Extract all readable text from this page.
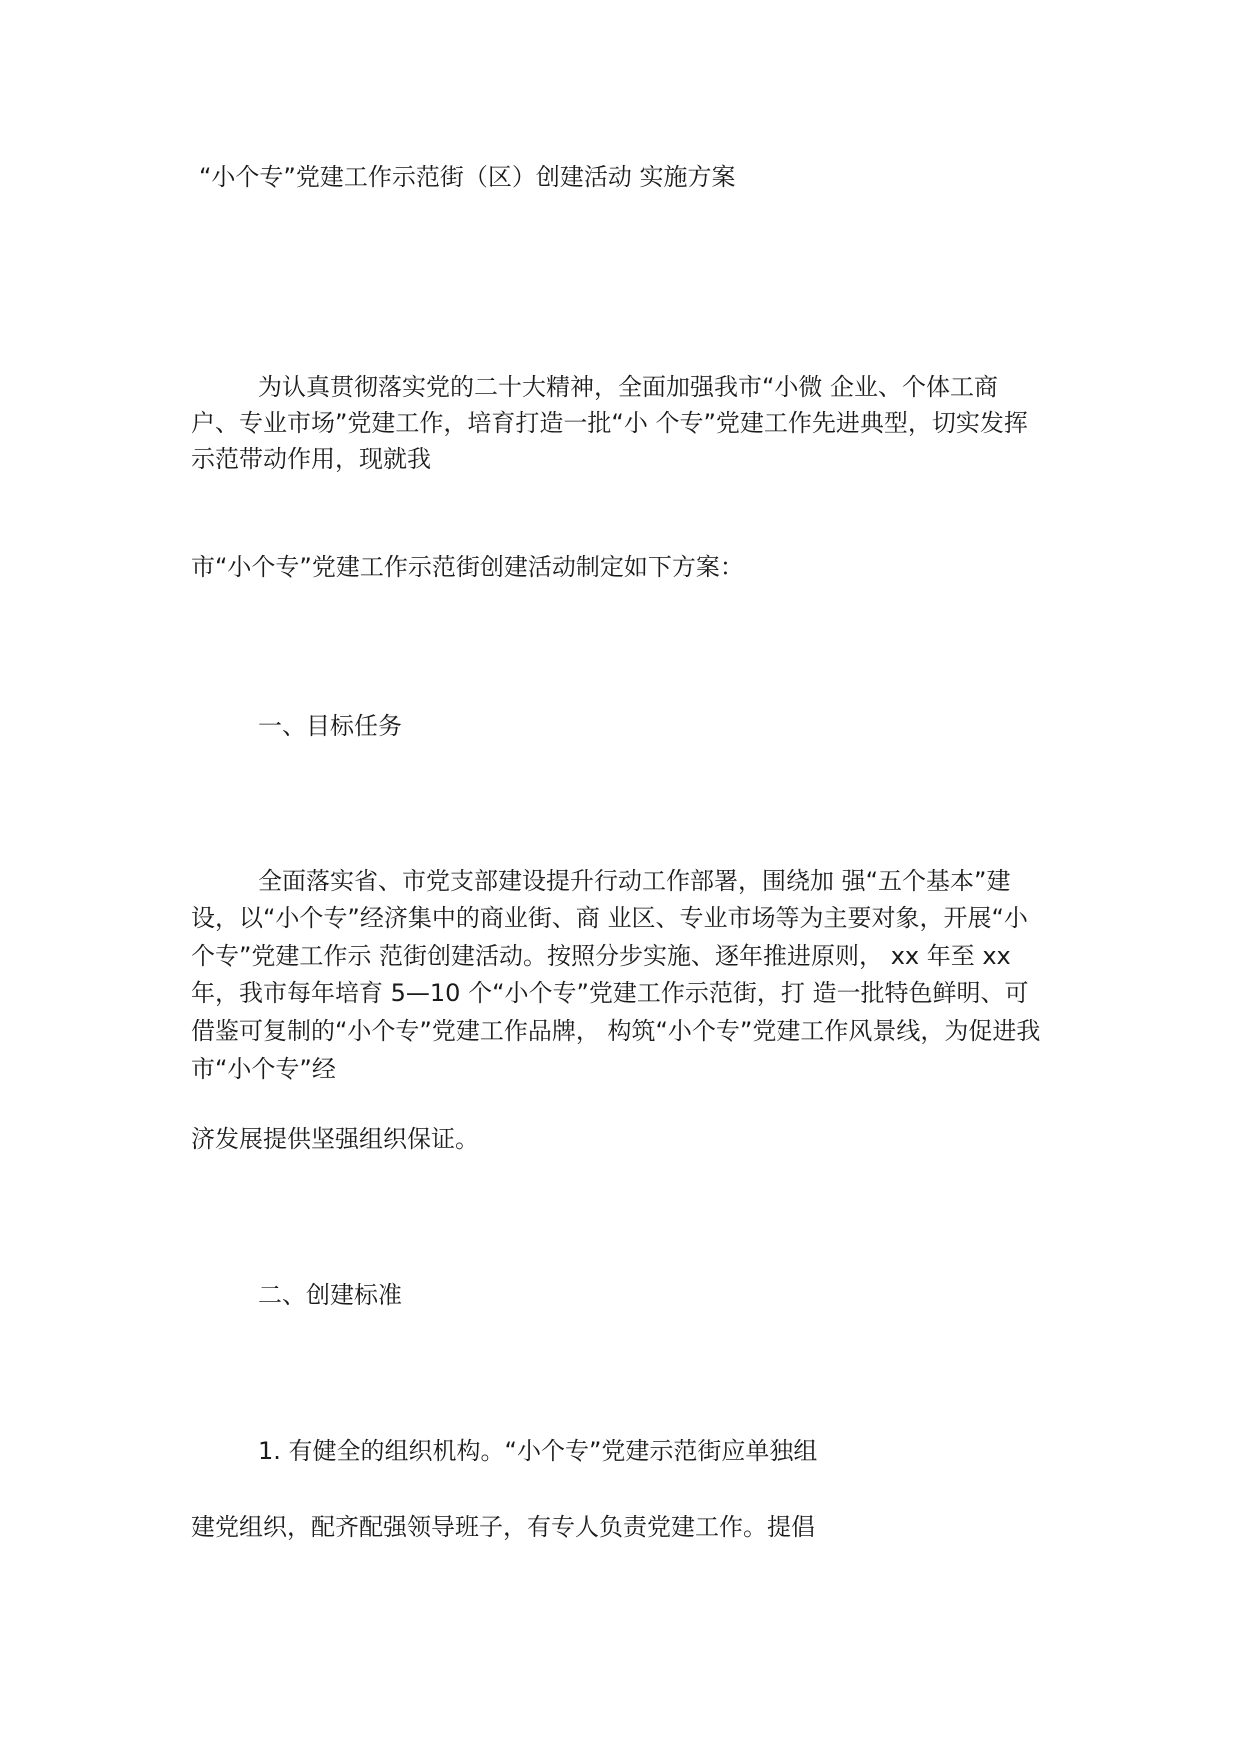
“小个专”党建工作示范街（区）创建活动 实施方案

为认真贯彻落实党的二十大精神，全面加强我市“小微 企业、个体工商

户、专业市场”党建工作，培育打造一批“小 个专”党建工作先进典型，切实发挥

示范带动作用，现就我

市“小个专”党建工作示范街创建活动制定如下方案：

一、目标任务

全面落实省、市党支部建设提升行动工作部署，围绕加 强“五个基本”建

设，以“小个专”经济集中的商业街、商 业区、专业市场等为主要对象，开展“小

个专”党建工作示 范街创建活动。按照分步实施、逐年推进原则， xx 年至 xx

年，我市每年培育 5—10 个“小个专”党建工作示范街，打 造一批特色鲜明、可

借鉴可复制的“小个专”党建工作品牌， 构筑“小个专”党建工作风景线，为促进我

市“小个专”经

济发展提供坚强组织保证。

二、创建标准

1. 有健全的组织机构。“小个专”党建示范街应单独组

建党组织，配齐配强领导班子，有专人负责党建工作。提倡
